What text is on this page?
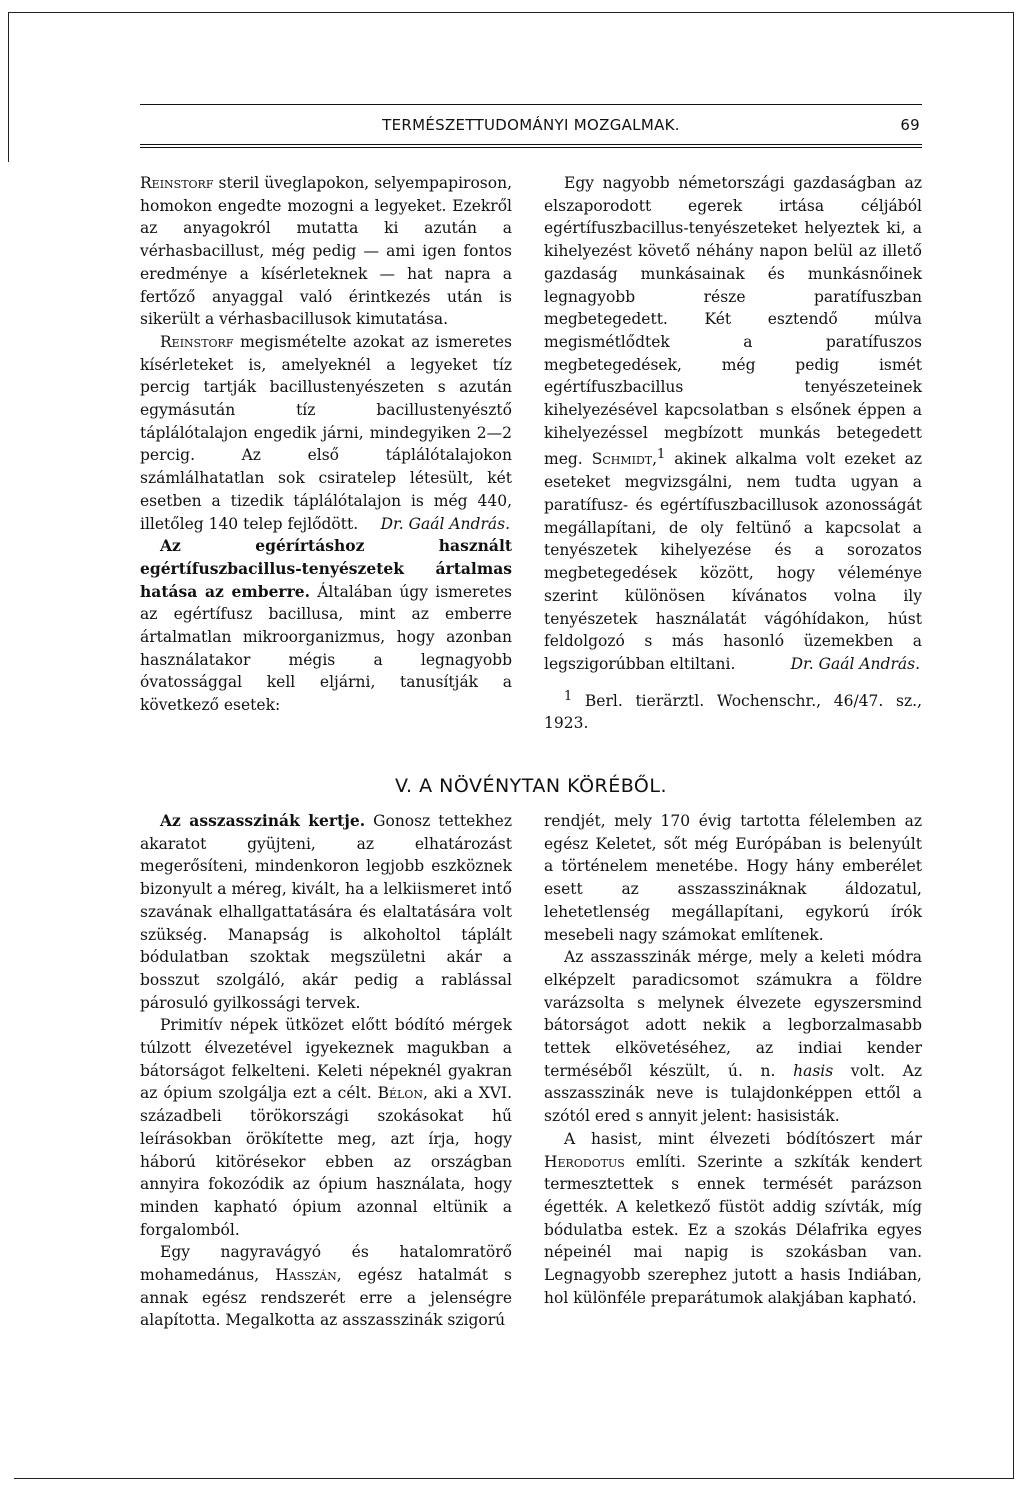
TERMÉSZETTUDOMÁNYI MOZGALMAK.	69

Reinstorf steril üveglapokon, selyempapiroson, homokon engedte mozogni a legyeket. Ezekről az anyagokról mutatta ki azután a vérhasbacillust, még pedig — ami igen fontos eredménye a kísérleteknek — hat napra a fertőző anyaggal való érintkezés után is sikerült a vérhasbacillusok kimutatása.

Reinstorf megismételte azokat az ismeretes kísérleteket is, amelyeknél a legyeket tíz percig tartják bacillustenyészeten s azután egymásután tíz bacillustenyésztő táplálótalajon engedik járni, mindegyiken 2—2 percig. Az első táplálótalajokon számlálhatatlan sok csiratelep létesült, két esetben a tizedik táplálótalajon is még 440, illetőleg 140 telep fejlődött.	Dr. Gaál András.

Az egérírtáshoz használt egértífuszbacillus-tenyészetek ártalmas hatása az emberre. Általában úgy ismeretes az egértífusz bacillusa, mint az emberre ártalmatlan mikroorganizmus, hogy azonban használatakor mégis a legnagyobb óvatossággal kell eljárni, tanusítják a következő esetek:

Egy nagyobb németországi gazdaságban az elszaporodott egerek irtása céljából egértífuszbacillus-tenyészeteket helyeztek ki, a kihelyezést követő néhány napon belül az illető gazdaság munkásainak és munkásnőinek legnagyobb része paratífuszban megbetegedett. Két esztendő múlva megismétlődtek a paratífuszos megbetegedések, még pedig ismét egértífuszbacillus tenyészeteinek kihelyezésével kapcsolatban s elsőnek éppen a kihelyezéssel megbízott munkás betegedett meg. Schmidt,$^1$ akinek alkalma volt ezeket az eseteket megvizsgálni, nem tudta ugyan a paratífusz- és egértífuszbacillusok azonosságát megállapítani, de oly feltünő a kapcsolat a tenyészetek kihelyezése és a sorozatos megbetegedések között, hogy véleménye szerint különösen kívánatos volna ily tenyészetek használatát vágóhídakon, húst feldolgozó s más hasonló üzemekben a legszigorúbban eltiltani.	Dr. Gaál András.

$^1$ Berl. tierärztl. Wochenschr., 46/47. sz., 1923.

V. A NÖVÉNYTAN KÖRÉBŐL.

Az asszasszinák kertje. Gonosz tettekhez akaratot gyüjteni, az elhatározást megerősíteni, mindenkoron legjobb eszköznek bizonyult a méreg, kivált, ha a lelkiismeret intő szavának elhallgattatására és elaltatására volt szükség. Manapság is alkoholtol táplált bódulatban szoktak megszületni akár a bosszut szolgáló, akár pedig a rablással párosuló gyilkossági tervek.

Primitív népek ütközet előtt bódító mérgek túlzott élvezetével igyekeznek magukban a bátorságot felkelteni. Keleti népeknél gyakran az ópium szolgálja ezt a célt. Bélon, aki a XVI. századbeli törökországi szokásokat hű leírásokban örökítette meg, azt írja, hogy háború kitörésekor ebben az országban annyira fokozódik az ópium használata, hogy minden kapható ópium azonnal eltünik a forgalomból.

Egy nagyravágyó és hatalomratörő mohamedánus, Hasszán, egész hatalmát s annak egész rendszerét erre a jelenségre alapította. Megalkotta az asszasszinák szigorú

rendjét, mely 170 évig tartotta félelemben az egész Keletet, sőt még Európában is belenyúlt a történelem menetébe. Hogy hány emberélet esett az asszasszináknak áldozatul, lehetetlenség megállapítani, egykorú írók mesebeli nagy számokat említenek.

Az asszasszinák mérge, mely a keleti módra elképzelt paradicsomot számukra a földre varázsolta s melynek élvezete egyszersmind bátorságot adott nekik a legborzalmasabb tettek elkövetéséhez, az indiai kender terméséből készült, ú. n. hasis volt. Az asszasszinák neve is tulajdonképpen ettől a szótól ered s annyit jelent: hasisisták.

A hasist, mint élvezeti bódítószert már Herodotus említi. Szerinte a szkíták kendert termesztettek s ennek termését parázson égették. A keletkező füstöt addig szívták, míg bódulatba estek. Ez a szokás Délafrika egyes népeinél mai napig is szokásban van. Legnagyobb szerephez jutott a hasis Indiában, hol különféle preparátumok alakjában kapható.
